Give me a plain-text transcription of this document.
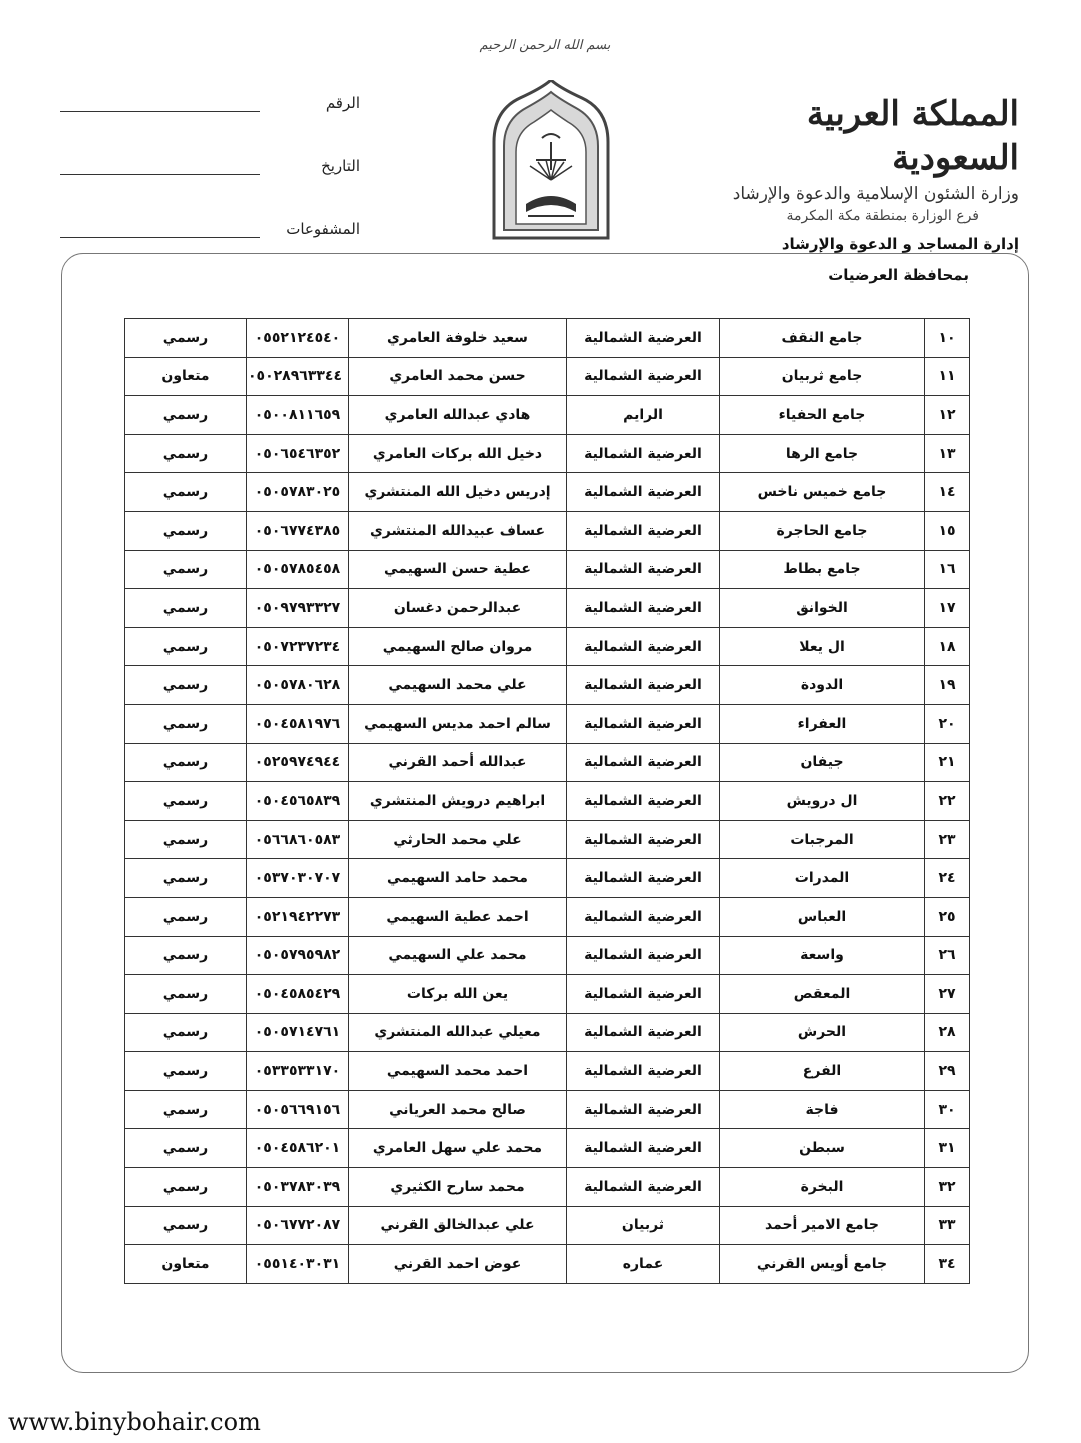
بسم الله الرحمن الرحيم
المملكة العربية السعودية
وزارة الشئون الإسلامية والدعوة والإرشاد
فرع الوزارة بمنطقة مكة المكرمة
إدارة المساجد و الدعوة والإرشاد
الرقم
التاريخ
المشفوعات
بمحافظة العرضيات
١٠	جامع النقف	العرضية الشمالية	سعيد خلوفة العامري	٠٥٥٢١٢٤٥٤٠	رسمي
١١	جامع ثربيان	العرضية الشمالية	حسن محمد العامري	٠٥٠٢٨٩٦٣٣٤٤	متعاون
١٢	جامع الحفياء	الرايم	هادي عبدالله العامري	٠٥٠٠٨١١٦٥٩	رسمي
١٣	جامع الرها	العرضية الشمالية	دخيل الله بركات العامري	٠٥٠٦٥٤٦٣٥٢	رسمي
١٤	جامع خميس ناخس	العرضية الشمالية	إدريس دخيل الله المنتشري	٠٥٠٥٧٨٣٠٢٥	رسمي
١٥	جامع الحاجرة	العرضية الشمالية	عساف عبيدالله المنتشري	٠٥٠٦٧٧٤٣٨٥	رسمي
١٦	جامع بطاط	العرضية الشمالية	عطية حسن السهيمي	٠٥٠٥٧٨٥٤٥٨	رسمي
١٧	الخوانق	العرضية الشمالية	عبدالرحمن دغسان	٠٥٠٩٧٩٣٣٢٧	رسمي
١٨	ال يعلا	العرضية الشمالية	مروان صالح السهيمي	٠٥٠٧٢٣٧٢٣٤	رسمي
١٩	الدودة	العرضية الشمالية	علي محمد السهيمي	٠٥٠٥٧٨٠٦٢٨	رسمي
٢٠	العفراء	العرضية الشمالية	سالم احمد مديس السهيمي	٠٥٠٤٥٨١٩٧٦	رسمي
٢١	جيفان	العرضية الشمالية	عبدالله أحمد القرني	٠٥٢٥٩٧٤٩٤٤	رسمي
٢٢	ال درويش	العرضية الشمالية	ابراهيم درويش المنتشري	٠٥٠٤٥٦٥٨٣٩	رسمي
٢٣	المرجبات	العرضية الشمالية	علي محمد الحارثي	٠٥٦٦٨٦٠٥٨٣	رسمي
٢٤	المدرات	العرضية الشمالية	محمد حامد السهيمي	٠٥٣٧٠٣٠٧٠٧	رسمي
٢٥	العباس	العرضية الشمالية	احمد عطية السهيمي	٠٥٢١٩٤٢٢٧٣	رسمي
٢٦	واسعة	العرضية الشمالية	محمد علي السهيمي	٠٥٠٥٧٩٥٩٨٢	رسمي
٢٧	المعقص	العرضية الشمالية	يعن الله بركات	٠٥٠٤٥٨٥٤٢٩	رسمي
٢٨	الحرش	العرضية الشمالية	معيلي عبدالله المنتشري	٠٥٠٥٧١٤٧٦١	رسمي
٢٩	الفرع	العرضية الشمالية	احمد محمد السهيمي	٠٥٣٣٥٣٣١٧٠	رسمي
٣٠	فاجة	العرضية الشمالية	صالح محمد العرياني	٠٥٠٥٦٦٩١٥٦	رسمي
٣١	سبطن	العرضية الشمالية	محمد علي سهل العامري	٠٥٠٤٥٨٦٢٠١	رسمي
٣٢	البخرة	العرضية الشمالية	محمد سارح الكثيري	٠٥٠٣٧٨٣٠٣٩	رسمي
٣٣	جامع الامير أحمد	ثربيان	علي عبدالخالق القرني	٠٥٠٦٧٧٢٠٨٧	رسمي
٣٤	جامع أويس القرني	عماره	عوض احمد القرني	٠٥٥١٤٠٣٠٣١	متعاون
www.binybohair.com
